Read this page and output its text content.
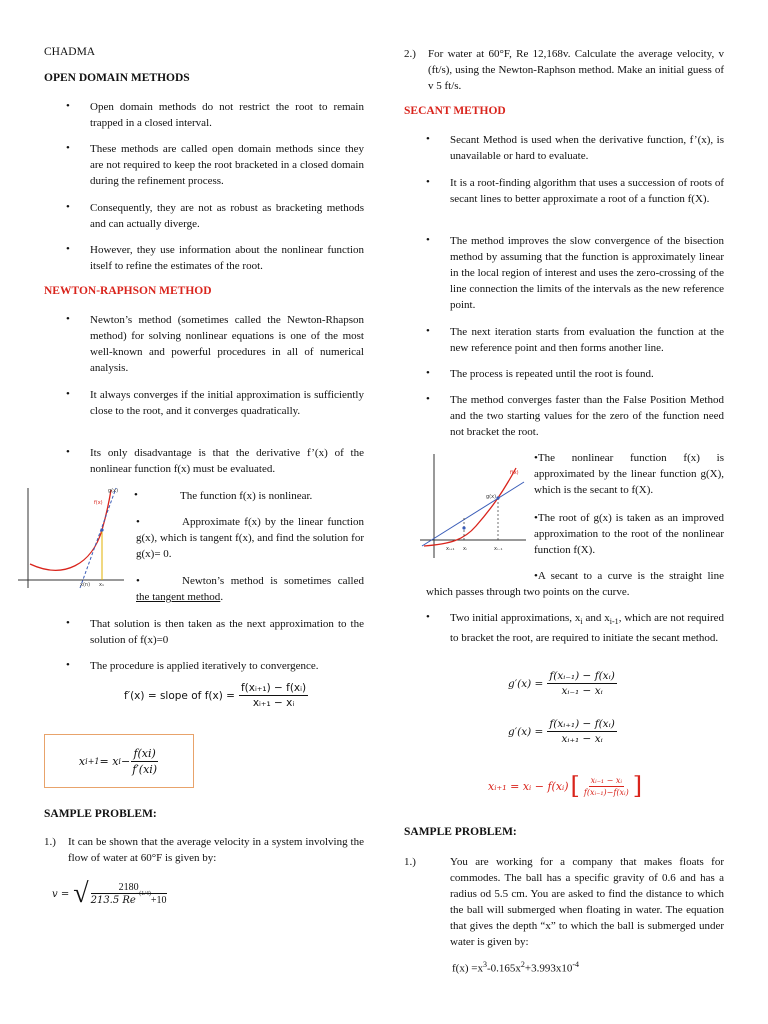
CHADMA
OPEN DOMAIN METHODS
• Open domain methods do not restrict the root to remain trapped in a closed interval.
• These methods are called open domain methods since they are not required to keep the root bracketed in a closed domain during the refinement process.
• Consequently, they are not as robust as bracketing methods and can actually diverge.
• However, they use information about the nonlinear function itself to refine the estimates of the root.
NEWTON-RAPHSON METHOD
• Newton’s method (sometimes called the Newton-Rhapson method) for solving nonlinear equations is one of the most well-known and powerful procedures in all of numerical analysis.
• It always converges if the initial approximation is sufficiently close to the root, and it converges quadratically.
• Its only disadvantage is that the derivative f’(x) of the nonlinear function f(x) must be evaluated.
g(x)
f(x)
x(n) x₁
•	The function f(x) is nonlinear.
•	Approximate f(x) by the linear function g(x), which is tangent f(x), and find the solution for g(x)= 0.
•	Newton’s method is sometimes called the tangent method.
• That solution is then taken as the next approximation to the solution of f(x)=0
• The procedure is applied iteratively to convergence.
f′(x) = slope of $f(x) = \frac{\text{f(xᵢ₊₁) − f(xᵢ)}}{\text{xᵢ₊₁ − xᵢ}}$
x i+1 = x $i - \frac{f(xi)}{f'(xi)}$
SAMPLE PROBLEM:
1.) It can be shown that the average velocity in a system involving the flow of water at 60°F is given by:
v = √ 2180
213.5 Re
−(1/4)
+10
2.) For water at 60°F, Re 12,168v. Calculate the average velocity, v (ft/s), using the Newton-Raphson method. Make an initial guess of v 5 ft/s.
SECANT METHOD
• Secant Method is used when the derivative function, f’(x), is unavailable or hard to evaluate.
• It is a root-finding algorithm that uses a succession of roots of secant lines to better approximate a root of a function f(X).
• The method improves the slow convergence of the bisection method by assuming that the function is approximately linear in the local region of interest and uses the zero-crossing of the line connection the limits of the intervals as the new reference point.
• The next iteration starts from evaluation the function at the new reference point and then forms another line.
• The process is repeated until the root is found.
• The method converges faster than the False Position Method and the two starting values for the zero of the function need not bracket the root.
f(x)
g(x)
xᵢ₊₁ xᵢ	xᵢ₋₁
•The nonlinear function f(x) is approximated by the linear function g(X), which is the secant to f(X).
•The root of g(x) is taken as an improved approximation to the root of the nonlinear function f(X).
•A secant to a curve is the straight line which passes through two points on the curve.
• Two initial approximations, $x_i$ and $x_{i-1}$, which are not required to bracket the root, are required to initiate the secant method.
$g'(x) = \frac{\text{f(xᵢ₋₁) − f(xᵢ)}}{\text{xᵢ₋₁ − xᵢ}}$
$g'(x) = \frac{\text{f(xᵢ₊₁) − f(xᵢ)}}{\text{xᵢ₊₁ − xᵢ}}$
xᵢ₊₁ = xᵢ − f(xᵢ) [ $\frac{\text{xᵢ₋₁ − xᵢ}}{\text{f(xᵢ₋₁)−f(xᵢ)}}$ ]
SAMPLE PROBLEM:
1.)	You are working for a company that makes floats for commodes. The ball has a specific gravity of 0.6 and has a radius od 5.5 cm. You are asked to find the distance to which the ball will submerged when floating in water. The equation that gives the depth “x” to which the ball is submerged under water is given by:
$f(x) =x^3-0.165x^2+3.993x10^{-4}$
